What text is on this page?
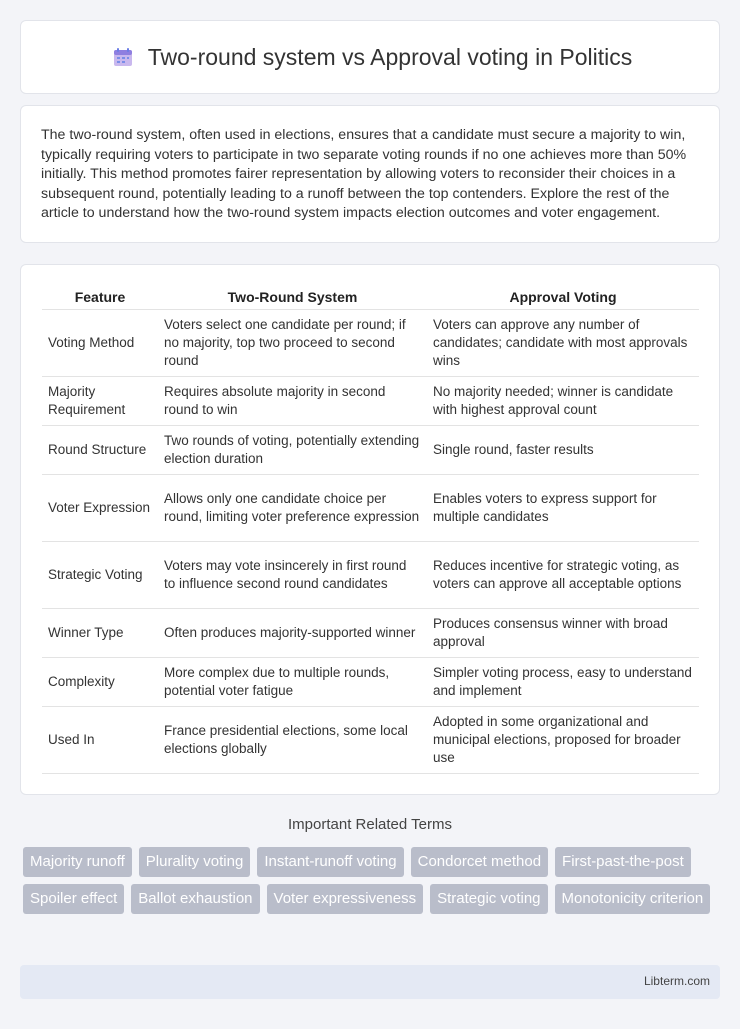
Two-round system vs Approval voting in Politics

The two-round system, often used in elections, ensures that a candidate must secure a majority to win, typically requiring voters to participate in two separate voting rounds if no one achieves more than 50% initially. This method promotes fairer representation by allowing voters to reconsider their choices in a subsequent round, potentially leading to a runoff between the top contenders. Explore the rest of the article to understand how the two-round system impacts election outcomes and voter engagement.

Feature	Two-Round System	Approval Voting
Voting Method	Voters select one candidate per round; if no majority, top two proceed to second round	Voters can approve any number of candidates; candidate with most approvals wins
Majority Requirement	Requires absolute majority in second round to win	No majority needed; winner is candidate with highest approval count
Round Structure	Two rounds of voting, potentially extending election duration	Single round, faster results
Voter Expression	Allows only one candidate choice per round, limiting voter preference expression	Enables voters to express support for multiple candidates
Strategic Voting	Voters may vote insincerely in first round to influence second round candidates	Reduces incentive for strategic voting, as voters can approve all acceptable options
Winner Type	Often produces majority-supported winner	Produces consensus winner with broad approval
Complexity	More complex due to multiple rounds, potential voter fatigue	Simpler voting process, easy to understand and implement
Used In	France presidential elections, some local elections globally	Adopted in some organizational and municipal elections, proposed for broader use
Important Related Terms
Majority runoff	Plurality voting	Instant-runoff voting	Condorcet method	First-past-the-post
Spoiler effect	Ballot exhaustion	Voter expressiveness	Strategic voting	Monotonicity criterion
Libterm.com
